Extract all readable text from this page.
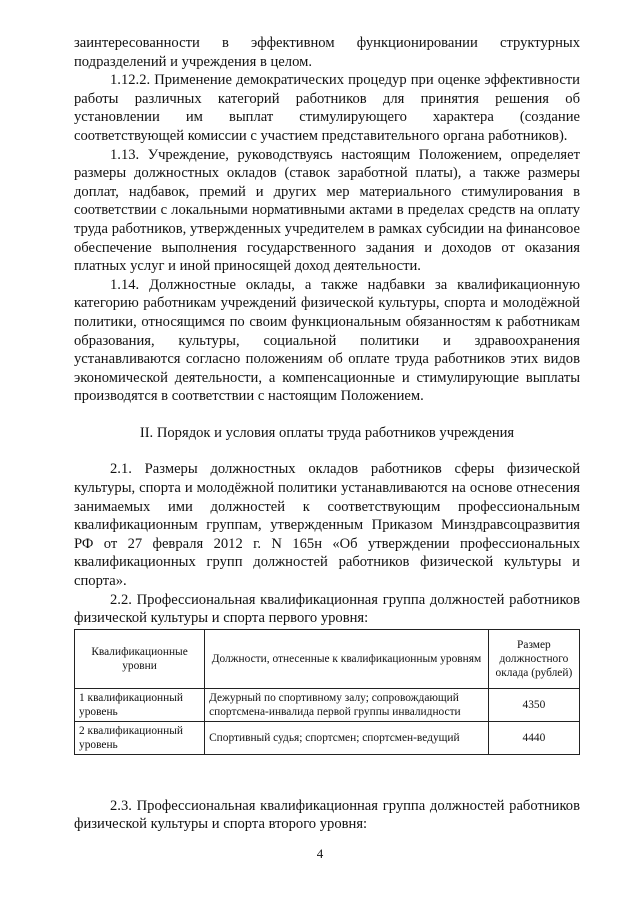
заинтересованности в эффективном функционировании структурных подразделений и учреждения в целом.

1.12.2. Применение демократических процедур при оценке эффективности работы различных категорий работников для принятия решения об установлении им выплат стимулирующего характера (создание соответствующей комиссии с участием представительного органа работников).

1.13. Учреждение, руководствуясь настоящим Положением, определяет размеры должностных окладов (ставок заработной платы), а также размеры доплат, надбавок, премий и других мер материального стимулирования в соответствии с локальными нормативными актами в пределах средств на оплату труда работников, утвержденных учредителем в рамках субсидии на финансовое обеспечение выполнения государственного задания и доходов от оказания платных услуг и иной приносящей доход деятельности.

1.14. Должностные оклады, а также надбавки за квалификационную категорию работникам учреждений физической культуры, спорта и молодёжной политики, относящимся по своим функциональным обязанностям к работникам образования, культуры, социальной политики и здравоохранения устанавливаются согласно положениям об оплате труда работников этих видов экономической деятельности, а компенсационные и стимулирующие выплаты производятся в соответствии с настоящим Положением.

II. Порядок и условия оплаты труда работников учреждения

2.1. Размеры должностных окладов работников сферы физической культуры, спорта и молодёжной политики устанавливаются на основе отнесения занимаемых ими должностей к соответствующим профессиональным квалификационным группам, утвержденным Приказом Минздравсоцразвития РФ от 27 февраля 2012 г. N 165н «Об утверждении профессиональных квалификационных групп должностей работников физической культуры и спорта».

2.2. Профессиональная квалификационная группа должностей работников физической культуры и спорта первого уровня:

Квалификационные уровни	Должности, отнесенные к квалификационным уровням	Размер должностного оклада (рублей)
1 квалификационный уровень	Дежурный по спортивному залу; сопровождающий спортсмена-инвалида первой группы инвалидности	4350
2 квалификационный уровень	Спортивный судья; спортсмен; спортсмен-ведущий	4440

2.3. Профессиональная квалификационная группа должностей работников физической культуры и спорта второго уровня:

4
